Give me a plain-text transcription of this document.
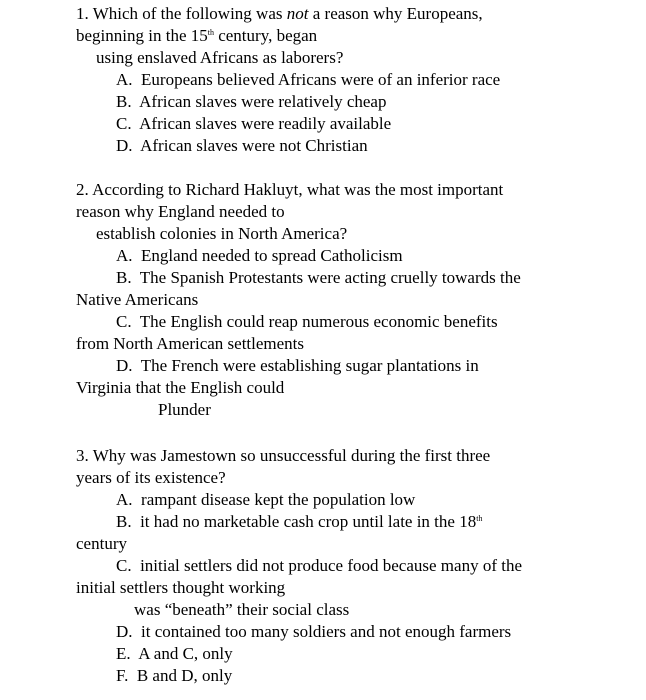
1. Which of the following was not a reason why Europeans,
beginning in the 15th century, began
using enslaved Africans as laborers?
A.  Europeans believed Africans were of an inferior race
B.  African slaves were relatively cheap
C.  African slaves were readily available
D.  African slaves were not Christian
2. According to Richard Hakluyt, what was the most important
reason why England needed to
establish colonies in North America?
A.  England needed to spread Catholicism
B.  The Spanish Protestants were acting cruelly towards the
Native Americans
C.  The English could reap numerous economic benefits
from North American settlements
D.  The French were establishing sugar plantations in
Virginia that the English could
Plunder
3. Why was Jamestown so unsuccessful during the first three
years of its existence?
A.  rampant disease kept the population low
B.  it had no marketable cash crop until late in the 18th
century
C.  initial settlers did not produce food because many of the
initial settlers thought working
was “beneath” their social class
D.  it contained too many soldiers and not enough farmers
E.  A and C, only
F.  B and D, only
